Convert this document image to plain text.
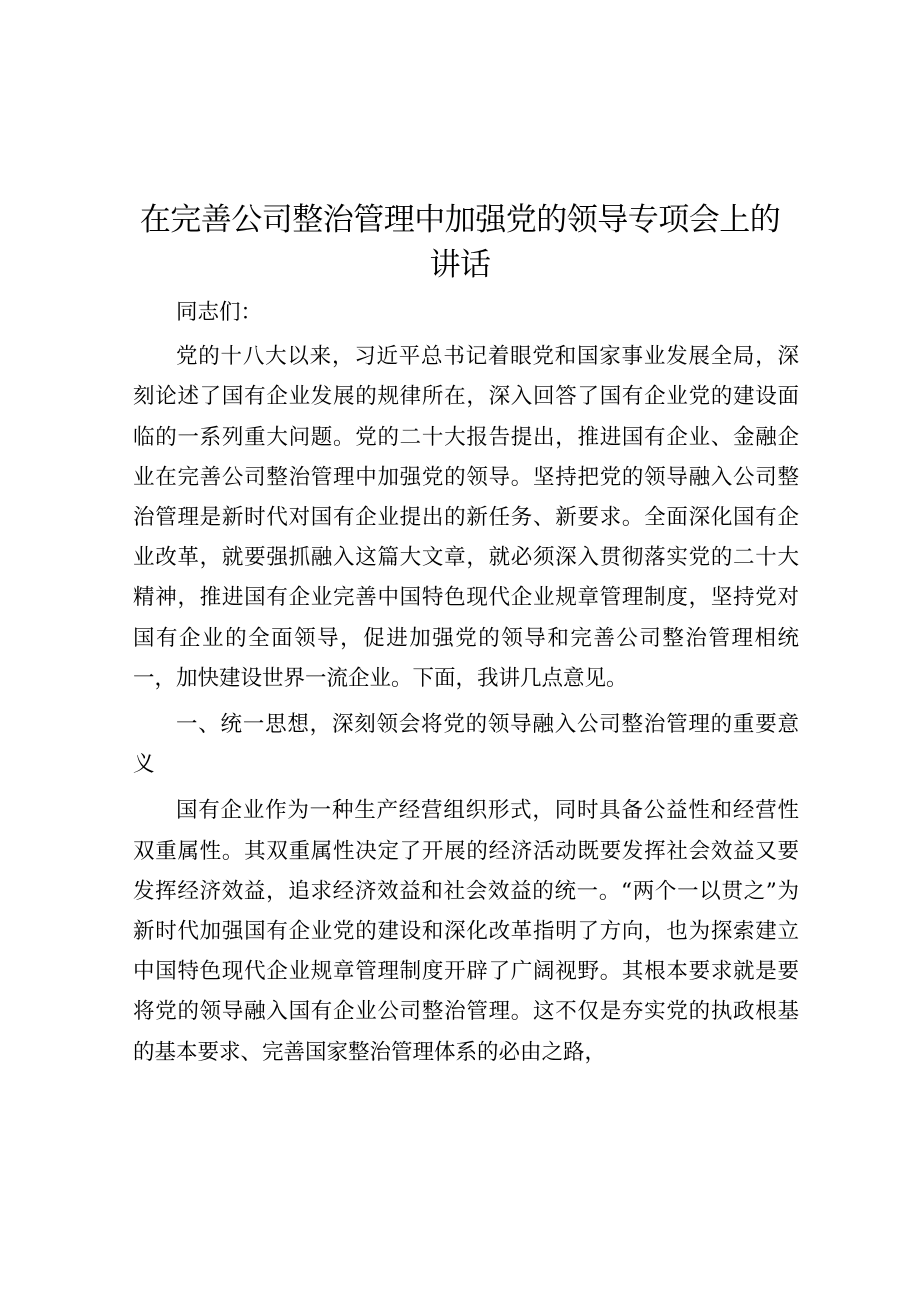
在完善公司整治管理中加强党的领导专项会上的讲话

同志们：

党的十八大以来，习近平总书记着眼党和国家事业发展全局，深刻论述了国有企业发展的规律所在，深入回答了国有企业党的建设面临的一系列重大问题。党的二十大报告提出，推进国有企业、金融企业在完善公司整治管理中加强党的领导。坚持把党的领导融入公司整治管理是新时代对国有企业提出的新任务、新要求。全面深化国有企业改革，就要强抓融入这篇大文章，就必须深入贯彻落实党的二十大精神，推进国有企业完善中国特色现代企业规章管理制度，坚持党对国有企业的全面领导，促进加强党的领导和完善公司整治管理相统一，加快建设世界一流企业。下面，我讲几点意见。

一、统一思想，深刻领会将党的领导融入公司整治管理的重要意义

国有企业作为一种生产经营组织形式，同时具备公益性和经营性双重属性。其双重属性决定了开展的经济活动既要发挥社会效益又要发挥经济效益，追求经济效益和社会效益的统一。“两个一以贯之”为新时代加强国有企业党的建设和深化改革指明了方向，也为探索建立中国特色现代企业规章管理制度开辟了广阔视野。其根本要求就是要将党的领导融入国有企业公司整治管理。这不仅是夯实党的执政根基的基本要求、完善国家整治管理体系的必由之路，
